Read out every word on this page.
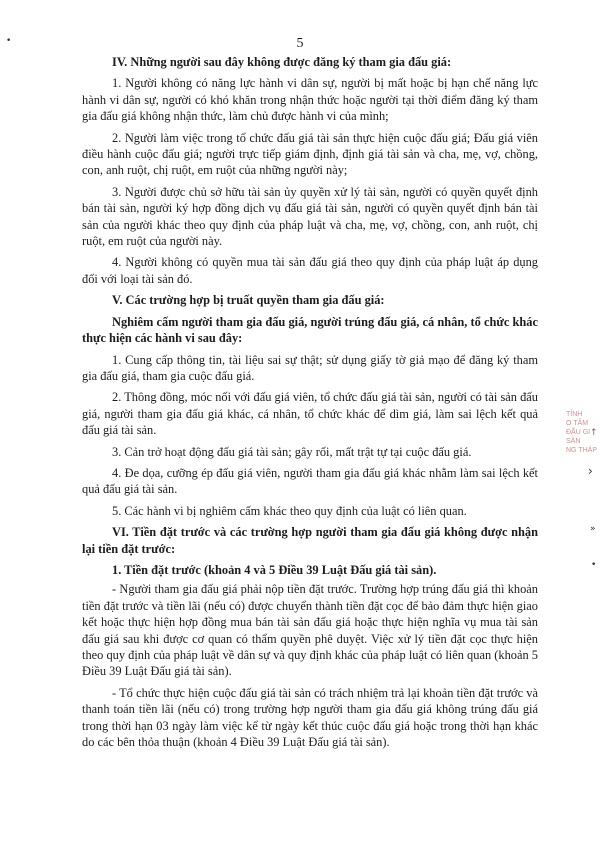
5

IV. Những người sau đây không được đăng ký tham gia đấu giá:

1. Người không có năng lực hành vi dân sự, người bị mất hoặc bị hạn chế năng lực hành vi dân sự, người có khó khăn trong nhận thức hoặc người tại thời điểm đăng ký tham gia đấu giá không nhận thức, làm chủ được hành vi của mình;

2. Người làm việc trong tổ chức đấu giá tài sản thực hiện cuộc đấu giá; Đấu giá viên điều hành cuộc đấu giá; người trực tiếp giám định, định giá tài sản và cha, mẹ, vợ, chồng, con, anh ruột, chị ruột, em ruột của những người này;

3. Người được chủ sở hữu tài sản ủy quyền xử lý tài sản, người có quyền quyết định bán tài sản, người ký hợp đồng dịch vụ đấu giá tài sản, người có quyền quyết định bán tài sản của người khác theo quy định của pháp luật và cha, mẹ, vợ, chồng, con, anh ruột, chị ruột, em ruột của người này.

4. Người không có quyền mua tài sản đấu giá theo quy định của pháp luật áp dụng đối với loại tài sản đó.

V. Các trường hợp bị truất quyền tham gia đấu giá:

Nghiêm cấm người tham gia đấu giá, người trúng đấu giá, cá nhân, tổ chức khác thực hiện các hành vi sau đây:

1. Cung cấp thông tin, tài liệu sai sự thật; sử dụng giấy tờ giả mạo để đăng ký tham gia đấu giá, tham gia cuộc đấu giá.

2. Thông đồng, móc nối với đấu giá viên, tổ chức đấu giá tài sản, người có tài sản đấu giá, người tham gia đấu giá khác, cá nhân, tổ chức khác để dìm giá, làm sai lệch kết quả đấu giá tài sản.

3. Cản trở hoạt động đấu giá tài sản; gây rối, mất trật tự tại cuộc đấu giá.

4. Đe dọa, cưỡng ép đấu giá viên, người tham gia đấu giá khác nhằm làm sai lệch kết quả đấu giá tài sản.

5. Các hành vi bị nghiêm cấm khác theo quy định của luật có liên quan.

VI. Tiền đặt trước và các trường hợp người tham gia đấu giá không được nhận lại tiền đặt trước:

1. Tiền đặt trước (khoản 4 và 5 Điều 39 Luật Đấu giá tài sản).

- Người tham gia đấu giá phải nộp tiền đặt trước. Trường hợp trúng đấu giá thì khoản tiền đặt trước và tiền lãi (nếu có) được chuyển thành tiền đặt cọc để bảo đảm thực hiện giao kết hoặc thực hiện hợp đồng mua bán tài sản đấu giá hoặc thực hiện nghĩa vụ mua tài sản đấu giá sau khi được cơ quan có thẩm quyền phê duyệt. Việc xử lý tiền đặt cọc thực hiện theo quy định của pháp luật về dân sự và quy định khác của pháp luật có liên quan (khoản 5 Điều 39 Luật Đấu giá tài sản).

- Tổ chức thực hiện cuộc đấu giá tài sản có trách nhiệm trả lại khoản tiền đặt trước và thanh toán tiền lãi (nếu có) trong trường hợp người tham gia đấu giá không trúng đấu giá trong thời hạn 03 ngày làm việc kể từ ngày kết thúc cuộc đấu giá hoặc trong thời hạn khác do các bên thỏa thuận (khoản 4 Điều 39 Luật Đấu giá tài sản).

TỈNH
O TÂM
ĐẤU GI
SẢN
NG THÁP
•
↑
›
»
•
